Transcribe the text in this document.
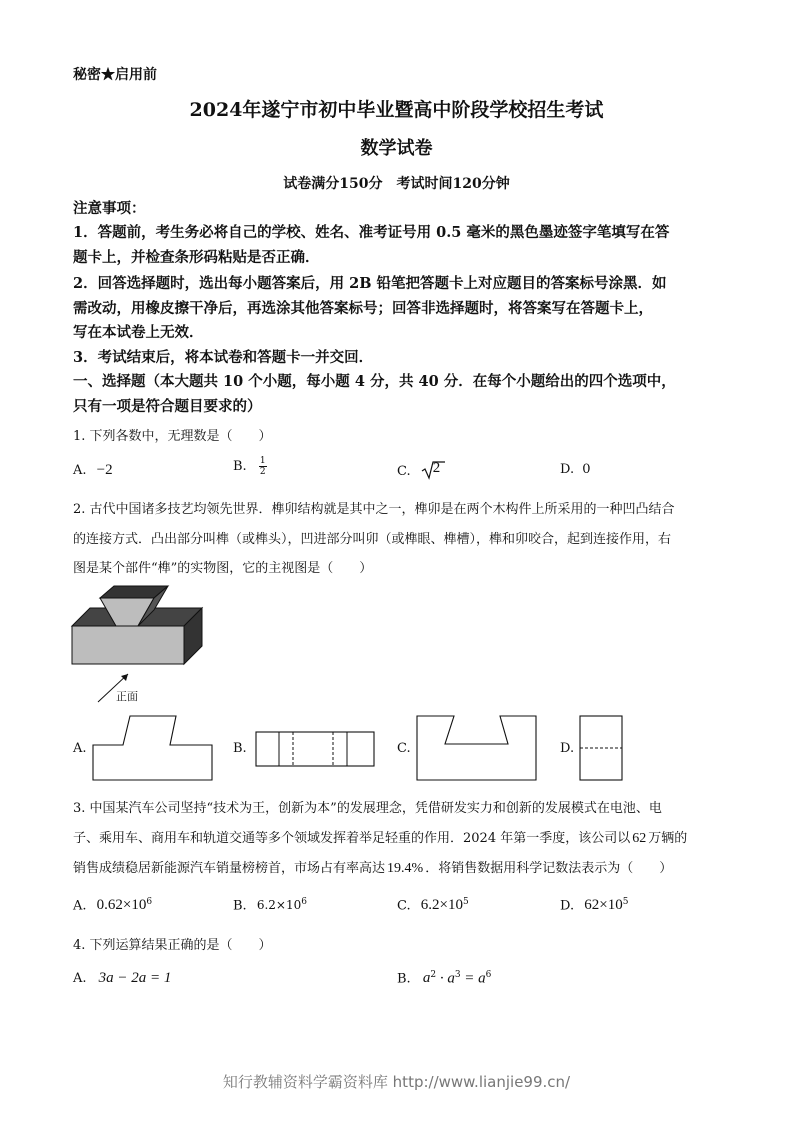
秘密★启用前
2024年遂宁市初中毕业暨高中阶段学校招生考试
数学试卷
试卷满分150分　考试时间120分钟
注意事项：
1．答题前，考生务必将自己的学校、姓名、准考证号用 0.5 毫米的黑色墨迹签字笔填写在答
题卡上，并检查条形码粘贴是否正确．
2．回答选择题时，选出每小题答案后，用 2B 铅笔把答题卡上对应题目的答案标号涂黑．如
需改动，用橡皮擦干净后，再选涂其他答案标号；回答非选择题时，将答案写在答题卡上，
写在本试卷上无效．
3．考试结束后，将本试卷和答题卡一并交回．
一、选择题（本大题共 10 个小题，每小题 4 分，共 40 分．在每个小题给出的四个选项中，
只有一项是符合题目要求的）
1. 下列各数中，无理数是（　　）
A. −2	B. $\frac{1}{2}$	C. 2	D. 0
2. 古代中国诸多技艺均领先世界．榫卯结构就是其中之一，榫卯是在两个木构件上所采用的一种凹凸结合
的连接方式．凸出部分叫榫（或榫头），凹进部分叫卯（或榫眼、榫槽），榫和卯咬合，起到连接作用，右
图是某个部件“榫”的实物图，它的主视图是（　　）
正面
A.	B.	C.	D.
3. 中国某汽车公司坚持“技术为王，创新为本”的发展理念，凭借研发实力和创新的发展模式在电池、电
子、乘用车、商用车和轨道交通等多个领域发挥着举足轻重的作用．2024 年第一季度，该公司以 62 万辆的
销售成绩稳居新能源汽车销量榜榜首，市场占有率高达 19.4% ．将销售数据用科学记数法表示为（　　）
A. $0.62\times 10^6$	B. $6.2\times 10^6$	C. $6.2\times 10^5$	D. $62\times 10^5$
4. 下列运算结果正确的是（　　）
A. 3a − 2a = 1	B. $a^2 \cdot a^3 = a^6$
知行教辅资料学霸资料库 http://www.lianjie99.cn/
